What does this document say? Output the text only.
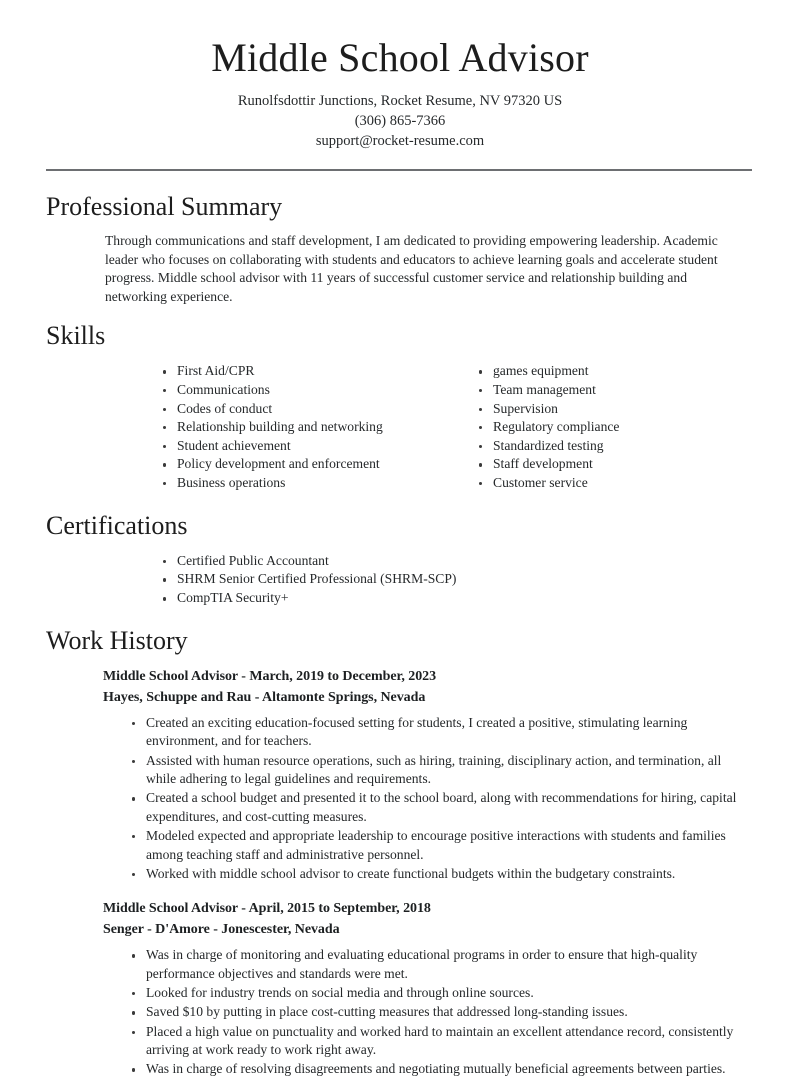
Middle School Advisor

Runolfsdottir Junctions, Rocket Resume, NV 97320 US

(306) 865-7366

support@rocket-resume.com

Professional Summary

Through communications and staff development, I am dedicated to providing empowering leadership. Academic leader who focuses on collaborating with students and educators to achieve learning goals and accelerate student progress. Middle school advisor with 11 years of successful customer service and relationship building and networking experience.

Skills
First Aid/CPR
Communications
Codes of conduct
Relationship building and networking
Student achievement
Policy development and enforcement
Business operations
games equipment
Team management
Supervision
Regulatory compliance
Standardized testing
Staff development
Customer service
Certifications
Certified Public Accountant
SHRM Senior Certified Professional (SHRM-SCP)
CompTIA Security+
Work History
Middle School Advisor - March, 2019 to December, 2023
Hayes, Schuppe and Rau - Altamonte Springs, Nevada
Created an exciting education-focused setting for students, I created a positive, stimulating learning environment, and for teachers.
Assisted with human resource operations, such as hiring, training, disciplinary action, and termination, all while adhering to legal guidelines and requirements.
Created a school budget and presented it to the school board, along with recommendations for hiring, capital expenditures, and cost-cutting measures.
Modeled expected and appropriate leadership to encourage positive interactions with students and families among teaching staff and administrative personnel.
Worked with middle school advisor to create functional budgets within the budgetary constraints.
Middle School Advisor - April, 2015 to September, 2018
Senger - D'Amore - Jonescester, Nevada
Was in charge of monitoring and evaluating educational programs in order to ensure that high-quality performance objectives and standards were met.
Looked for industry trends on social media and through online sources.
Saved $10 by putting in place cost-cutting measures that addressed long-standing issues.
Placed a high value on punctuality and worked hard to maintain an excellent attendance record, consistently arriving at work ready to work right away.
Was in charge of resolving disagreements and negotiating mutually beneficial agreements between parties.
